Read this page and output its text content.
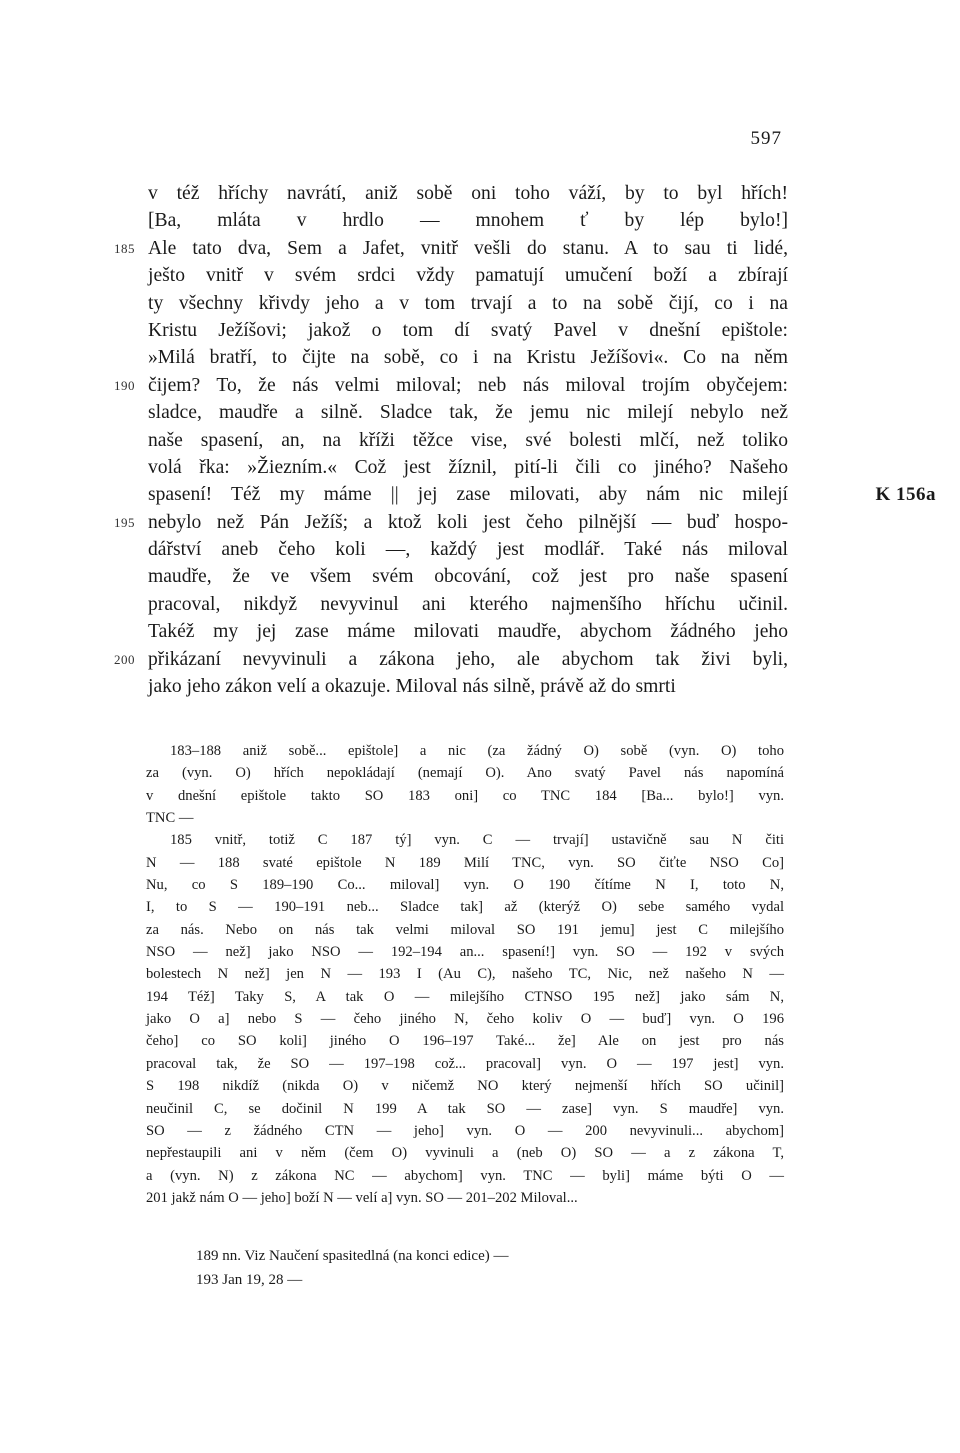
597
v též hříchy navrátí, aniž sobě oni toho váží, by to byl hřích!
[Ba, mláta v hrdlo — mnohem ť by lép bylo!]
Ale tato dva, Sem a Jafet, vnitř vešli do stanu. A to sau ti lidé,
185
ješto vnitř v svém srdci vždy pamatují umučení boží a zbírají
ty všechny křivdy jeho a v tom trvají a to na sobě čijí, co i na
Kristu Ježíšovi; jakož o tom dí svatý Pavel v dnešní epištole:
»Milá bratří, to čijte na sobě, co i na Kristu Ježíšovi«. Co na něm
čijem? To, že nás velmi miloval; neb nás miloval trojím obyčejem:
190
sladce, maudře a silně. Sladce tak, že jemu nic milejí nebylo než
naše spasení, an, na kříži těžce vise, své bolesti mlčí, než toliko
volá řka: »Žiezním.« Což jest žíznil, pití-li čili co jiného? Našeho
spasení! Též my máme || jej zase milovati, aby nám nic milejí	K 156a
nebylo než Pán Ježíš; a ktož koli jest čeho pilnější — buď hospo-
195
dářství aneb čeho koli —, každý jest modlář. Také nás miloval
maudře, že ve všem svém obcování, což jest pro naše spasení
pracoval, nikdyž nevyvinul ani kterého najmenšího hříchu učinil.
Takéž my jej zase máme milovati maudře, abychom žádného jeho
přikázaní nevyvinuli a zákona jeho, ale abychom tak živi byli,
200
jako jeho zákon velí a okazuje. Miloval nás silně, právě až do smrti
183–188 aniž sobě... epištole] a nic (za žádný O) sobě (vyn. O) toho
za (vyn. O) hřích nepokládají (nemají O). Ano svatý Pavel nás napomíná
v dnešní epištole takto SO 183 oni] co TNC 184 [Ba... bylo!] vyn.
TNC —
185 vnitř, totiž C 187 tý] vyn. C — trvají] ustavičně sau N čiti
N — 188 svaté epištole N 189 Milí TNC, vyn. SO čiťte NSO Co]
Nu, co S 189–190 Co... miloval] vyn. O 190 čítíme N I, toto N,
I, to S — 190–191 neb... Sladce tak] až (kterýž O) sebe samého vydal
za nás. Nebo on nás tak velmi miloval SO 191 jemu] jest C milejšího
NSO — než] jako NSO — 192–194 an... spasení!] vyn. SO — 192 v svých
bolestech N než] jen N — 193 I (Au C), našeho TC, Nic, než našeho N —
194 Též] Taky S, A tak O — milejšího CTNSO 195 než] jako sám N,
jako O a] nebo S — čeho jiného N, čeho koliv O — buď] vyn. O 196
čeho] co SO koli] jiného O 196–197 Také... že] Ale on jest pro nás
pracoval tak, že SO — 197–198 což... pracoval] vyn. O — 197 jest] vyn.
S 198 nikdíž (nikda O) v ničemž NO který nejmenší hřích SO učinil]
neučinil C, se dočinil N 199 A tak SO — zase] vyn. S maudře] vyn.
SO — z žádného CTN — jeho] vyn. O — 200 nevyvinuli... abychom]
nepřestaupili ani v něm (čem O) vyvinuli a (neb O) SO — a z zákona T,
a (vyn. N) z zákona NC — abychom] vyn. TNC — byli] máme býti O —
201 jakž nám O — jeho] boží N — velí a] vyn. SO — 201–202 Miloval...
189 nn. Viz Naučení spasitedlná (na konci edice) —
193 Jan 19, 28 —
